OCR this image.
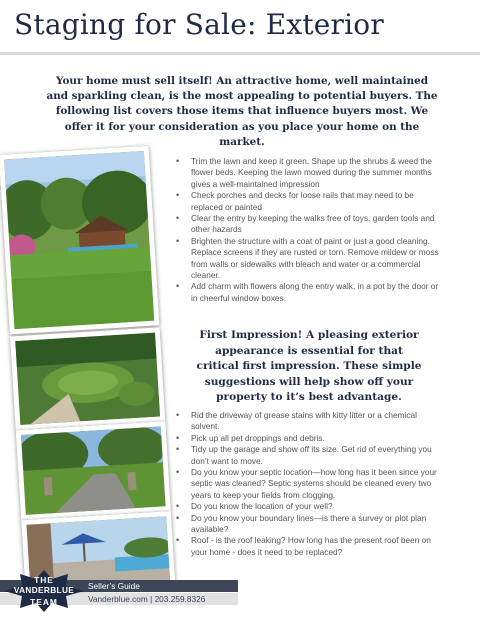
Staging for Sale: Exterior

Your home must sell itself! An attractive home, well maintained and sparkling clean, is the most appealing to potential buyers. The following list covers those items that influence buyers most. We offer it for your consideration as you place your home on the market.

• Trim the lawn and keep it green. Shape up the shrubs & weed the flower beds. Keeping the lawn mowed during the summer months gives a well-maintained impression
• Check porches and decks for loose rails that may need to be replaced or painted
• Clear the entry by keeping the walks free of toys, garden tools and other hazards
• Brighten the structure with a coat of paint or just a good cleaning. Replace screens if they are rusted or torn. Remove mildew or moss from walls or sidewalks with bleach and water or a commercial cleaner.
• Add charm with flowers along the entry walk, in a pot by the door or in cheerful window boxes.

First Impression! A pleasing exterior appearance is essential for that critical first impression. These simple suggestions will help show off your property to it’s best advantage.

• Rid the driveway of grease stains with kitty litter or a chemical solvent.
• Pick up all pet droppings and debris.
• Tidy up the garage and show off its size. Get rid of everything you don’t want to move.
• Do you know your septic location—how long has it been since your septic was cleaned? Septic systems should be cleaned every two years to keep your fields from clogging.
• Do you know the location of your well?
• Do you know your boundary lines—is there a survey or plot plan available?
• Roof - is the roof leaking? How long has the present roof been on your home - does it need to be replaced?
Seller’s Guide
Vanderblue.com | 203.259.8326
THE
VANDERBLUE
TEAM
